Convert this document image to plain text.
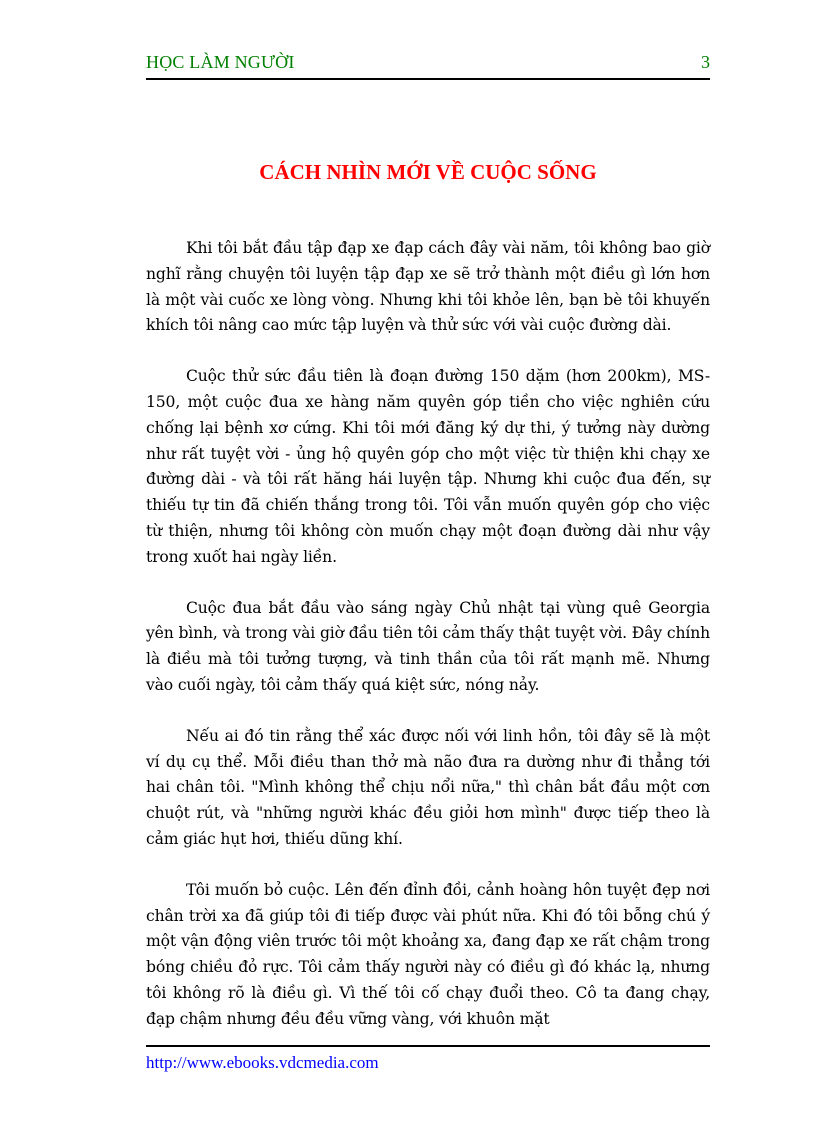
HỌC LÀM NGƯỜI	3
CÁCH NHÌN MỚI VỀ CUỘC SỐNG

Khi tôi bắt đầu tập đạp xe đạp cách đây vài năm, tôi không bao giờ nghĩ rằng chuyện tôi luyện tập đạp xe sẽ trở thành một điều gì lớn hơn là một vài cuốc xe lòng vòng. Nhưng khi tôi khỏe lên, bạn bè tôi khuyến khích tôi nâng cao mức tập luyện và thử sức với vài cuộc đường dài.

Cuộc thử sức đầu tiên là đoạn đường 150 dặm (hơn 200km), MS-150, một cuộc đua xe hàng năm quyên góp tiền cho việc nghiên cứu chống lại bệnh xơ cứng. Khi tôi mới đăng ký dự thi, ý tưởng này dường như rất tuyệt vời - ủng hộ quyên góp cho một việc từ thiện khi chạy xe đường dài - và tôi rất hăng hái luyện tập. Nhưng khi cuộc đua đến, sự thiếu tự tin đã chiến thắng trong tôi. Tôi vẫn muốn quyên góp cho việc từ thiện, nhưng tôi không còn muốn chạy một đoạn đường dài như vậy trong xuốt hai ngày liền.

Cuộc đua bắt đầu vào sáng ngày Chủ nhật tại vùng quê Georgia yên bình, và trong vài giờ đầu tiên tôi cảm thấy thật tuyệt vời. Đây chính là điều mà tôi tưởng tượng, và tinh thần của tôi rất mạnh mẽ. Nhưng vào cuối ngày, tôi cảm thấy quá kiệt sức, nóng nảy.

Nếu ai đó tin rằng thể xác được nối với linh hồn, tôi đây sẽ là một ví dụ cụ thể. Mỗi điều than thở mà não đưa ra dường như đi thẳng tới hai chân tôi. "Mình không thể chịu nổi nữa," thì chân bắt đầu một cơn chuột rút, và "những người khác đều giỏi hơn mình" được tiếp theo là cảm giác hụt hơi, thiếu dũng khí.

Tôi muốn bỏ cuộc. Lên đến đỉnh đồi, cảnh hoàng hôn tuyệt đẹp nơi chân trời xa đã giúp tôi đi tiếp được vài phút nữa. Khi đó tôi bỗng chú ý một vận động viên trước tôi một khoảng xa, đang đạp xe rất chậm trong bóng chiều đỏ rực. Tôi cảm thấy người này có điều gì đó khác lạ, nhưng tôi không rõ là điều gì. Vì thế tôi cố chạy đuổi theo. Cô ta đang chạy, đạp chậm nhưng đều đều vững vàng, với khuôn mặt

http://www.ebooks.vdcmedia.com
